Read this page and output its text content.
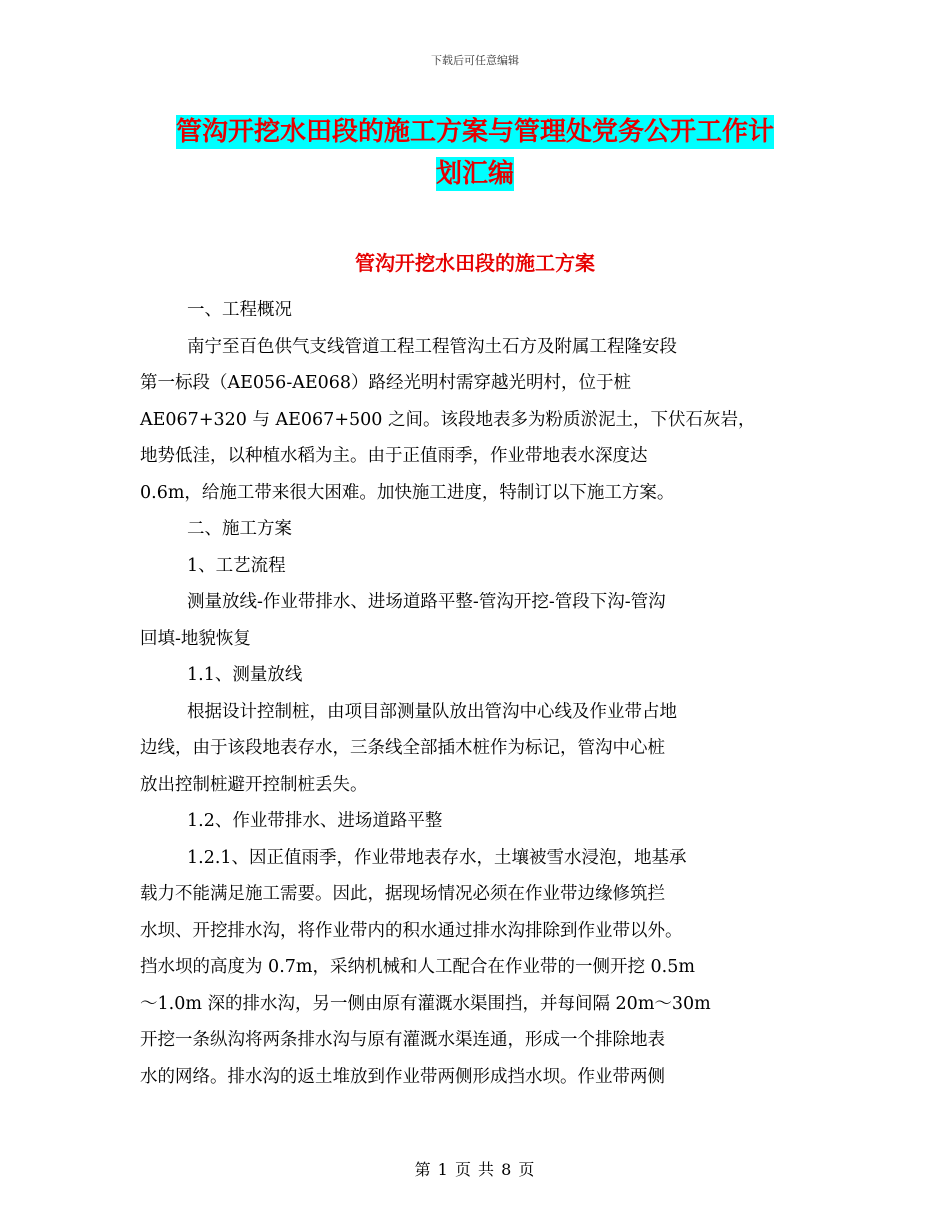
下载后可任意编辑
管沟开挖水田段的施工方案与管理处党务公开工作计
划汇编
管沟开挖水田段的施工方案
一、工程概况
南宁至百色供气支线管道工程工程管沟土石方及附属工程隆安段
第一标段（AE056-AE068）路经光明村需穿越光明村，位于桩
AE067+320 与 AE067+500 之间。该段地表多为粉质淤泥土，下伏石灰岩，
地势低洼，以种植水稻为主。由于正值雨季，作业带地表水深度达
0.6m，给施工带来很大困难。加快施工进度，特制订以下施工方案。
二、施工方案
1、工艺流程
测量放线-作业带排水、进场道路平整-管沟开挖-管段下沟-管沟
回填-地貌恢复
1.1、测量放线
根据设计控制桩，由项目部测量队放出管沟中心线及作业带占地
边线，由于该段地表存水，三条线全部插木桩作为标记，管沟中心桩
放出控制桩避开控制桩丢失。
1.2、作业带排水、进场道路平整
1.2.1、因正值雨季，作业带地表存水，土壤被雪水浸泡，地基承
载力不能满足施工需要。因此，据现场情况必须在作业带边缘修筑拦
水坝、开挖排水沟，将作业带内的积水通过排水沟排除到作业带以外。
挡水坝的高度为 0.7m，采纳机械和人工配合在作业带的一侧开挖 0.5m
～1.0m 深的排水沟，另一侧由原有灌溉水渠围挡，并每间隔 20m～30m
开挖一条纵沟将两条排水沟与原有灌溉水渠连通，形成一个排除地表
水的网络。排水沟的返土堆放到作业带两侧形成挡水坝。作业带两侧
第 1 页 共 8 页
